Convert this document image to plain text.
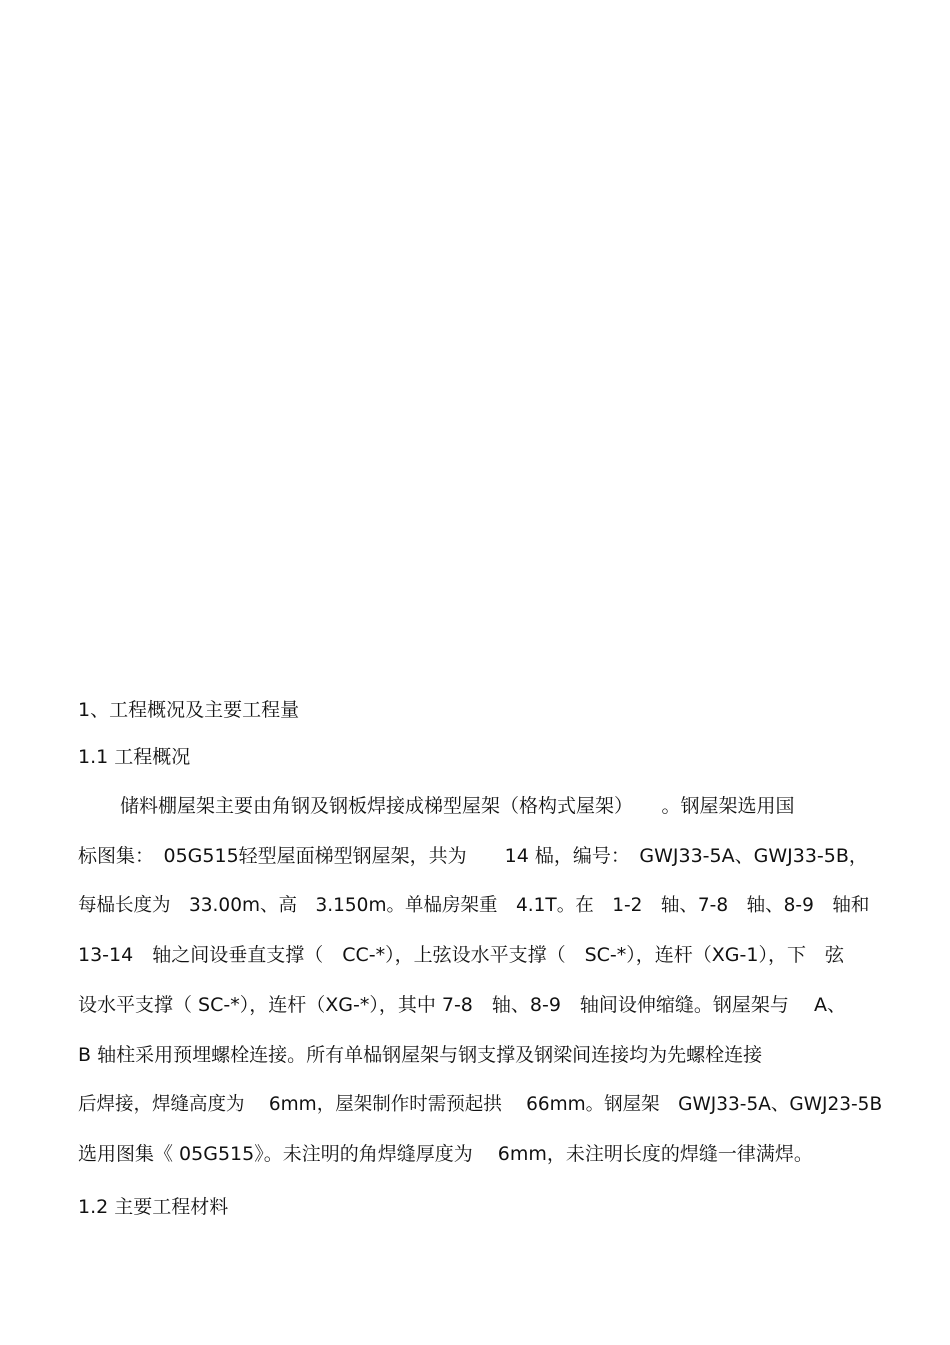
1、工程概况及主要工程量
1.1 工程概况
储料棚屋架主要由角钢及钢板焊接成梯型屋架（格构式屋架）　　。钢屋架选用国
标图集：　05G515轻型屋面梯型钢屋架，共为　　14 榀，编号：　GWJ33-5A、GWJ33-5B，
每榀长度为　33.00m、高　3.150m。单榀房架重　4.1T。在　1-2　轴、7-8　轴、8-9　轴和
13-14　轴之间设垂直支撑（　CC-*），上弦设水平支撑（　SC-*），连杆（XG-1），下　弦
设水平支撑（ SC-*），连杆（XG-*），其中 7-8　轴、8-9　轴间设伸缩缝。钢屋架与　 A、
B 轴柱采用预埋螺栓连接。所有单榀钢屋架与钢支撑及钢梁间连接均为先螺栓连接
后焊接，焊缝高度为　 6mm，屋架制作时需预起拱　 66mm。钢屋架　GWJ33-5A、GWJ23-5B
选用图集《 05G515》。未注明的角焊缝厚度为　 6mm，未注明长度的焊缝一律满焊。
1.2 主要工程材料
